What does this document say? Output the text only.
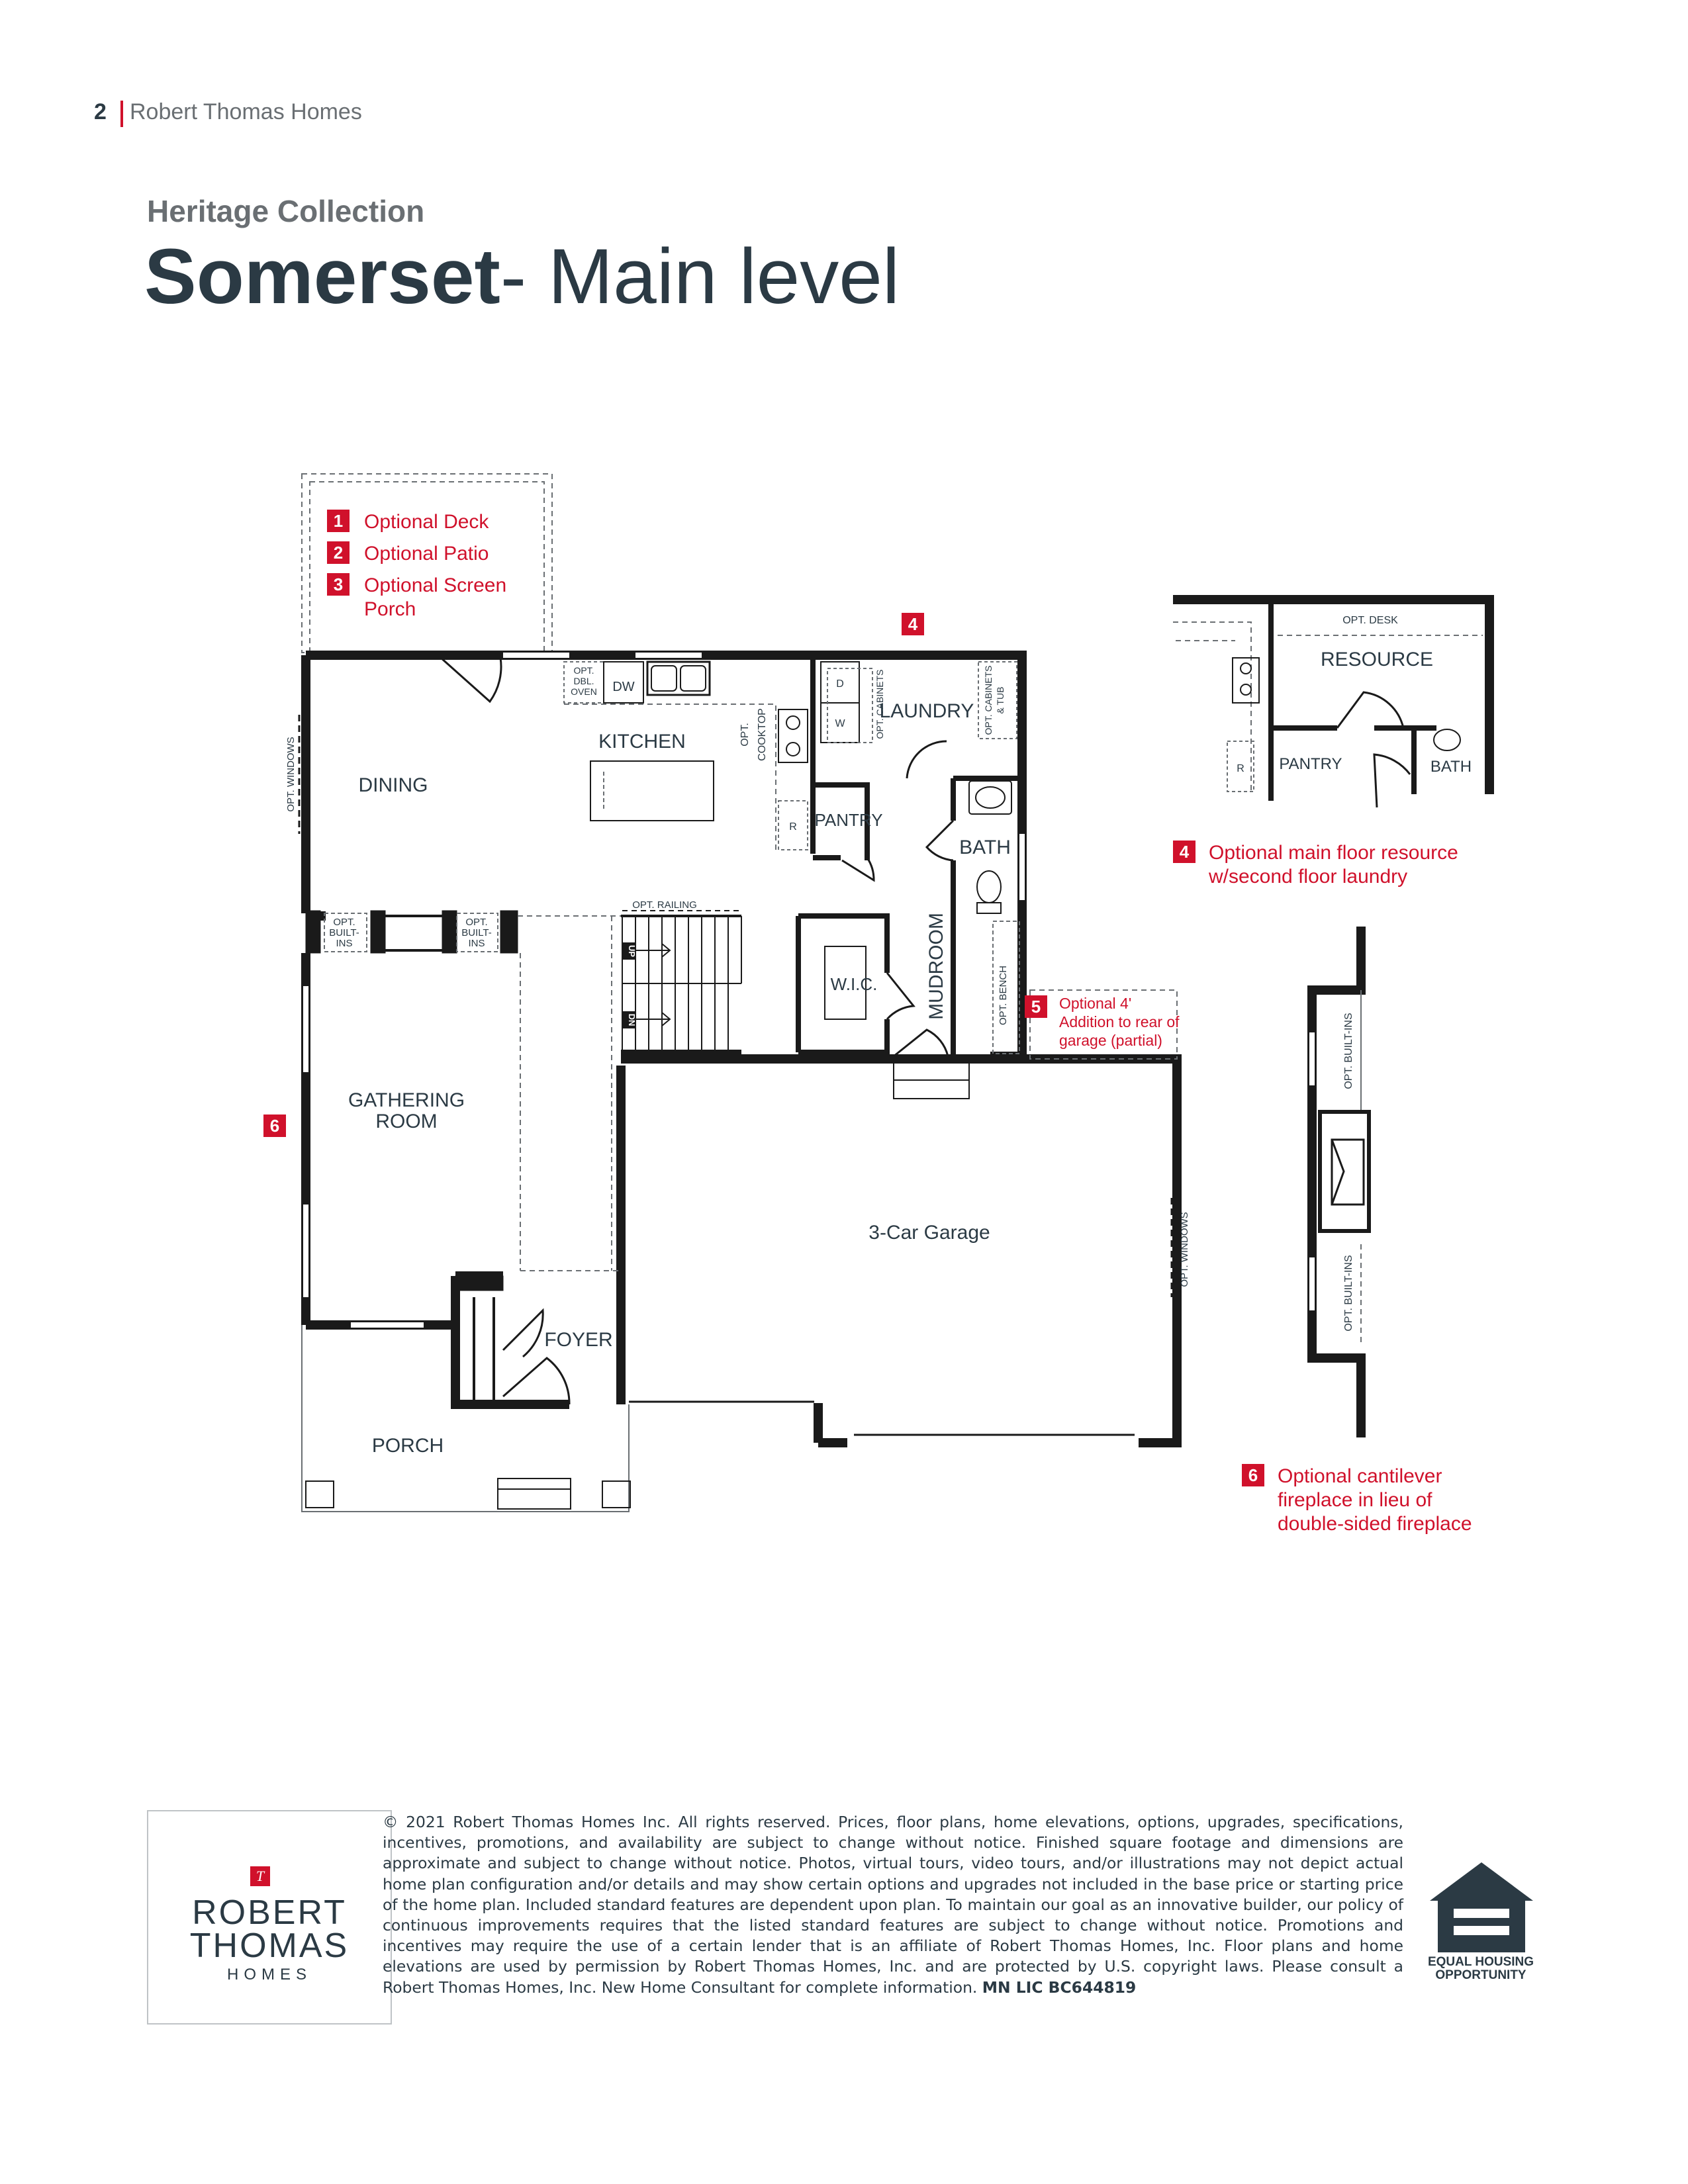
2 Robert Thomas Homes
Heritage Collection
Somerset- Main level
DINING
KITCHEN
LAUNDRY
PANTRY
BATH
W.I.C. MUDROOM
GATHERING
ROOM
3-Car Garage
FOYER
PORCH
OPT. WINDOWS
OPT.
DBL.
OVEN DW
OPT. COOKTOP
R
D
W	OPT. CABINETS	OPT. CABINETS & TUB
OPT. RAILING
OPT.
BUILT-
INS
OPT.
BUILT-
INS
UP
DN	OPT. BENCH
OPT. WINDOWS
1 Optional Deck
2 Optional Patio
3 Optional Screen
Porch
4
5 Optional 4'
Addition to rear of
garage (partial)
6
OPT. DESK
RESOURCE
PANTRY	BATH
R
4 Optional main floor resource
w/second floor laundry
OPT. BUILT-INS
OPT. BUILT-INS
6 Optional cantilever
fireplace in lieu of
double-sided fireplace
T
ROBERT
THOMAS
HOMES
© 2021 Robert Thomas Homes Inc. All rights reserved. Prices, floor plans, home elevations, options, upgrades, specifications, incentives, promotions, and availability are subject to change without notice. Finished square footage and dimensions are approximate and subject to change without notice. Photos, virtual tours, video tours, and/or illustrations may not depict actual home plan configuration and/or details and may show certain options and upgrades not included in the base price or starting price of the home plan. Included standard features are dependent upon plan. To maintain our goal as an innovative builder, our policy of continuous improvements requires that the listed standard features are subject to change without notice. Promotions and incentives may require the use of a certain lender that is an affiliate of Robert Thomas Homes, Inc. Floor plans and home elevations are used by permission by Robert Thomas Homes, Inc. and are protected by U.S. copyright laws. Please consult a Robert Thomas Homes, Inc. New Home Consultant for complete information. MN LIC BC644819
EQUAL HOUSING
OPPORTUNITY
